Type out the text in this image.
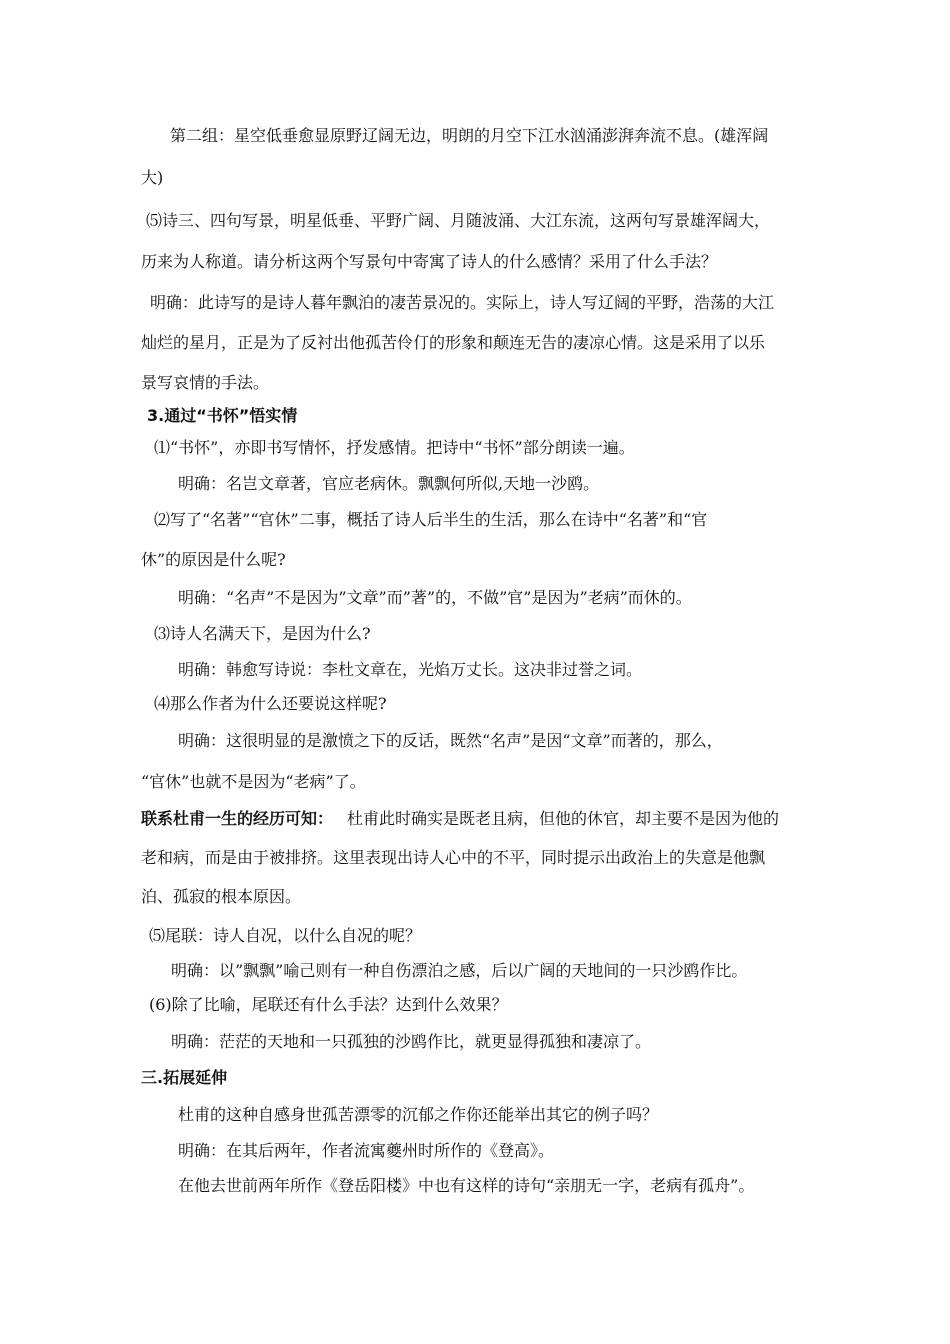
第二组：星空低垂愈显原野辽阔无边，明朗的月空下江水汹涌澎湃奔流不息。(雄浑阔
大)
⑸诗三、四句写景，明星低垂、平野广阔、月随波涌、大江东流，这两句写景雄浑阔大，
历来为人称道。请分析这两个写景句中寄寓了诗人的什么感情？采用了什么手法？
明确：此诗写的是诗人暮年飘泊的凄苦景况的。实际上，诗人写辽阔的平野，浩荡的大江
灿烂的星月，正是为了反衬出他孤苦伶仃的形象和颠连无告的凄凉心情。这是采用了以乐
景写哀情的手法。
3.通过“书怀”悟实情
⑴“书怀”，亦即书写情怀，抒发感情。把诗中“书怀”部分朗读一遍。
明确：名岂文章著，官应老病休。飘飘何所似,天地一沙鸥。
⑵写了“名著”“官休”二事，概括了诗人后半生的生活，那么在诗中“名著”和“官
休”的原因是什么呢?
明确：“名声”不是因为”文章”而”著”的，不做”官”是因为”老病”而休的。
⑶诗人名满天下，是因为什么?
明确：韩愈写诗说：李杜文章在，光焰万丈长。这决非过誉之词。
⑷那么作者为什么还要说这样呢?
明确：这很明显的是激愤之下的反话，既然“名声”是因“文章”而著的，那么，
“官休”也就不是因为“老病”了。
联系杜甫一生的经历可知： 杜甫此时确实是既老且病，但他的休官，却主要不是因为他的
老和病，而是由于被排挤。这里表现出诗人心中的不平，同时提示出政治上的失意是他飘
泊、孤寂的根本原因。
⑸尾联：诗人自况，以什么自况的呢？
明确：以”飘飘”喻己则有一种自伤漂泊之感，后以广阔的天地间的一只沙鸥作比。
(6)除了比喻，尾联还有什么手法？达到什么效果？
明确：茫茫的天地和一只孤独的沙鸥作比，就更显得孤独和凄凉了。
三.拓展延伸
杜甫的这种自感身世孤苦漂零的沉郁之作你还能举出其它的例子吗？
明确：在其后两年，作者流寓夔州时所作的《登高》。
在他去世前两年所作《登岳阳楼》中也有这样的诗句“亲朋无一字，老病有孤舟”。
